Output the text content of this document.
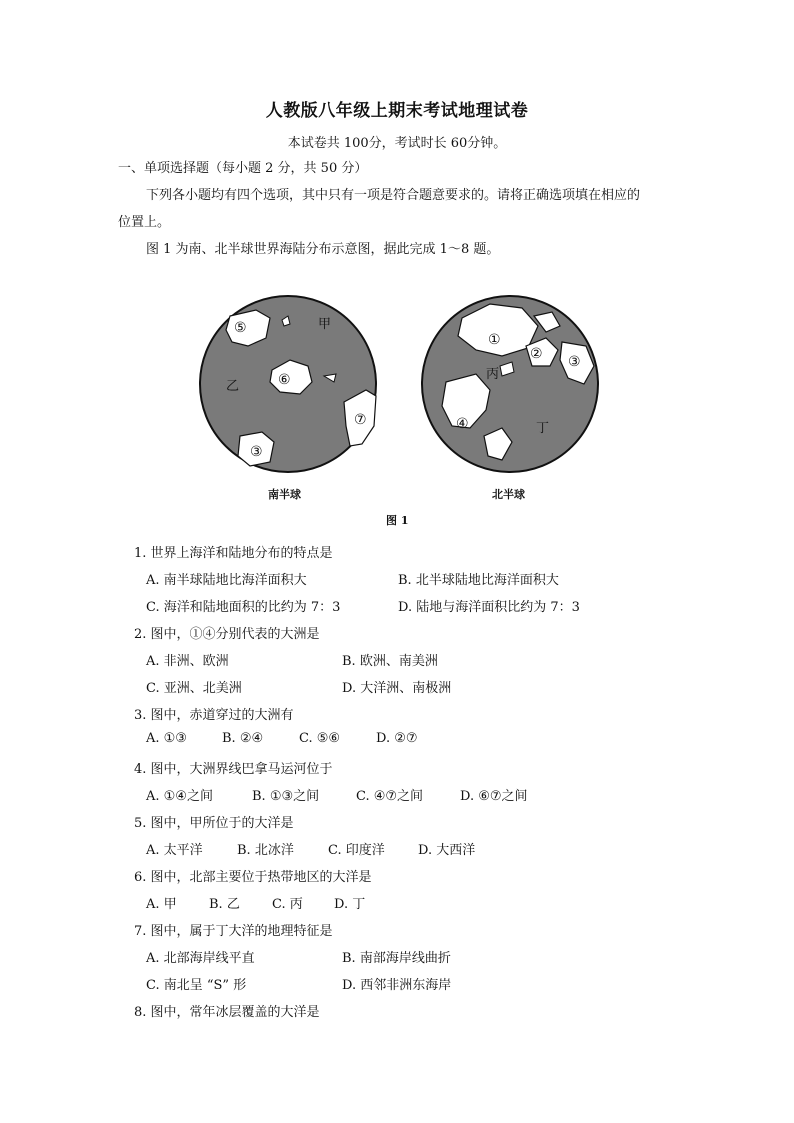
人教版八年级上期末考试地理试卷
本试卷共 100分，考试时长 60分钟。
一、单项选择题（每小题 2 分，共 50 分）
下列各小题均有四个选项，其中只有一项是符合题意要求的。请将正确选项填在相应的
位置上。
图 1 为南、北半球世界海陆分布示意图，据此完成 1～8 题。
⑤	甲
乙	⑥
⑦
③
①
② ③
丙
④	丁
南半球	北半球
图 1
1. 世界上海洋和陆地分布的特点是
A. 南半球陆地比海洋面积大	B. 北半球陆地比海洋面积大
C. 海洋和陆地面积的比约为 7：3	D. 陆地与海洋面积比约为 7：3
2. 图中，①④分别代表的大洲是
A. 非洲、欧洲	B. 欧洲、南美洲
C. 亚洲、北美洲	D. 大洋洲、南极洲
3. 图中，赤道穿过的大洲有
A. ①③	B. ②④	C. ⑤⑥	D. ②⑦
4. 图中，大洲界线巴拿马运河位于
A. ①④之间	B. ①③之间	C. ④⑦之间	D. ⑥⑦之间
5. 图中，甲所位于的大洋是
A. 太平洋	B. 北冰洋	C. 印度洋	D. 大西洋
6. 图中，北部主要位于热带地区的大洋是
A. 甲 B. 乙 C. 丙 D. 丁
7. 图中，属于丁大洋的地理特征是
A. 北部海岸线平直	B. 南部海岸线曲折
C. 南北呈 “S” 形	D. 西邻非洲东海岸
8. 图中，常年冰层覆盖的大洋是
